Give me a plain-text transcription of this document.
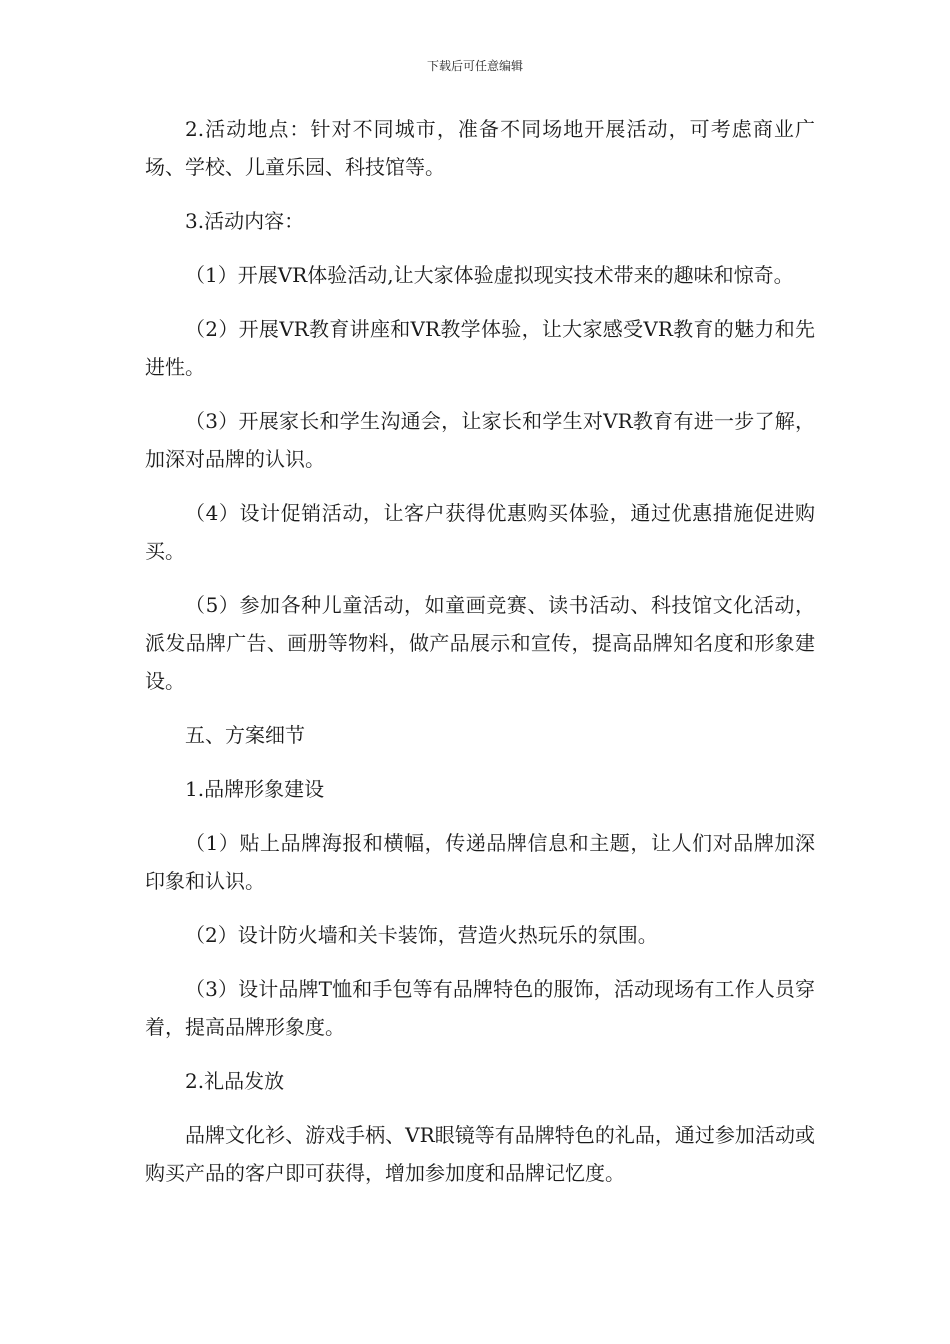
下载后可任意编辑

2.活动地点：针对不同城市，准备不同场地开展活动，可考虑商业广场、学校、儿童乐园、科技馆等。

3.活动内容：

（1）开展VR体验活动,让大家体验虚拟现实技术带来的趣味和惊奇。

（2）开展VR教育讲座和VR教学体验，让大家感受VR教育的魅力和先进性。

（3）开展家长和学生沟通会，让家长和学生对VR教育有进一步了解，加深对品牌的认识。

（4）设计促销活动，让客户获得优惠购买体验，通过优惠措施促进购买。

（5）参加各种儿童活动，如童画竞赛、读书活动、科技馆文化活动，派发品牌广告、画册等物料，做产品展示和宣传，提高品牌知名度和形象建设。

五、方案细节

1.品牌形象建设

（1）贴上品牌海报和横幅，传递品牌信息和主题，让人们对品牌加深印象和认识。

（2）设计防火墙和关卡装饰，营造火热玩乐的氛围。

（3）设计品牌T恤和手包等有品牌特色的服饰，活动现场有工作人员穿着，提高品牌形象度。

2.礼品发放

品牌文化衫、游戏手柄、VR眼镜等有品牌特色的礼品，通过参加活动或购买产品的客户即可获得，增加参加度和品牌记忆度。
